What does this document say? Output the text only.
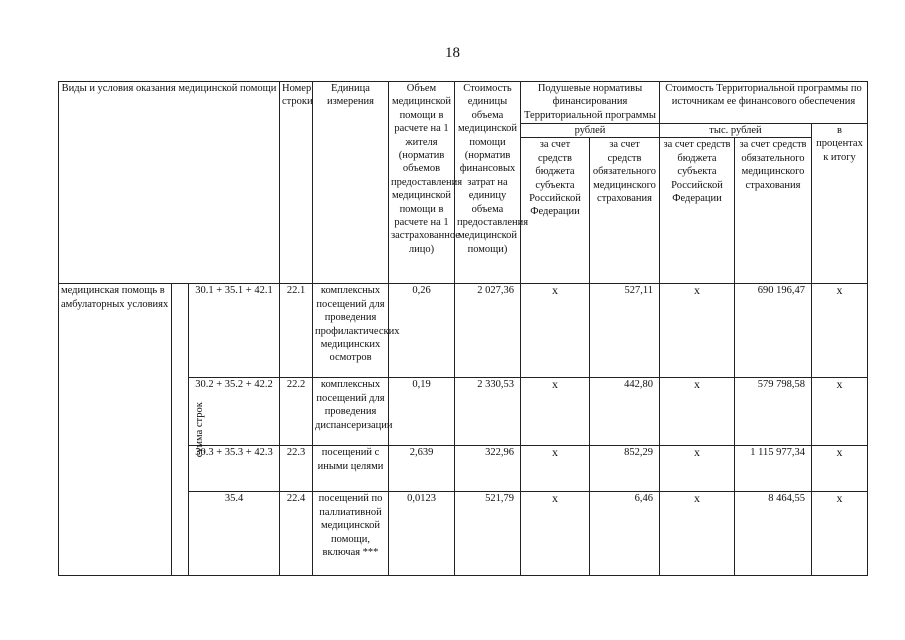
18
Виды и условия оказания медицинской помощи			Номер строки	Единица измерения	Объем медицинской помощи в расчете на 1 жителя (норматив объемов предоставления медицинской помощи в расчете на 1 застрахованное лицо)	Стоимость единицы объема медицинской помощи (норматив финансовых затрат на единицу объема предоставления медицинской помощи)	Подушевые нормативы финансирования Территориальной программы		Стоимость Территориальной программы по источникам ее финансового обеспечения		
							рублей		тыс. рублей		в процентах к итогу
							за счет средств бюджета субъекта Российской Федерации	за счет средств обязательного медицинского страхования	за счет средств бюджета субъекта Российской Федерации	за счет средств обязательного медицинского страхования	
медицинская помощь в амбулаторных условиях	сумма строк	30.1 + 35.1 + 42.1	22.1	комплексных посещений для проведения профилактических медицинских осмотров	0,26	2 027,36	x	527,11	x	690 196,47	x
		30.2 + 35.2 + 42.2	22.2	комплексных посещений для проведения диспансеризации	0,19	2 330,53	x	442,80	x	579 798,58	x
		30.3 + 35.3 + 42.3	22.3	посещений с иными целями	2,639	322,96	x	852,29	x	1 115 977,34	x
		35.4	22.4	посещений по паллиативной медицинской помощи, включая ***	0,0123	521,79	x	6,46	x	8 464,55	x
